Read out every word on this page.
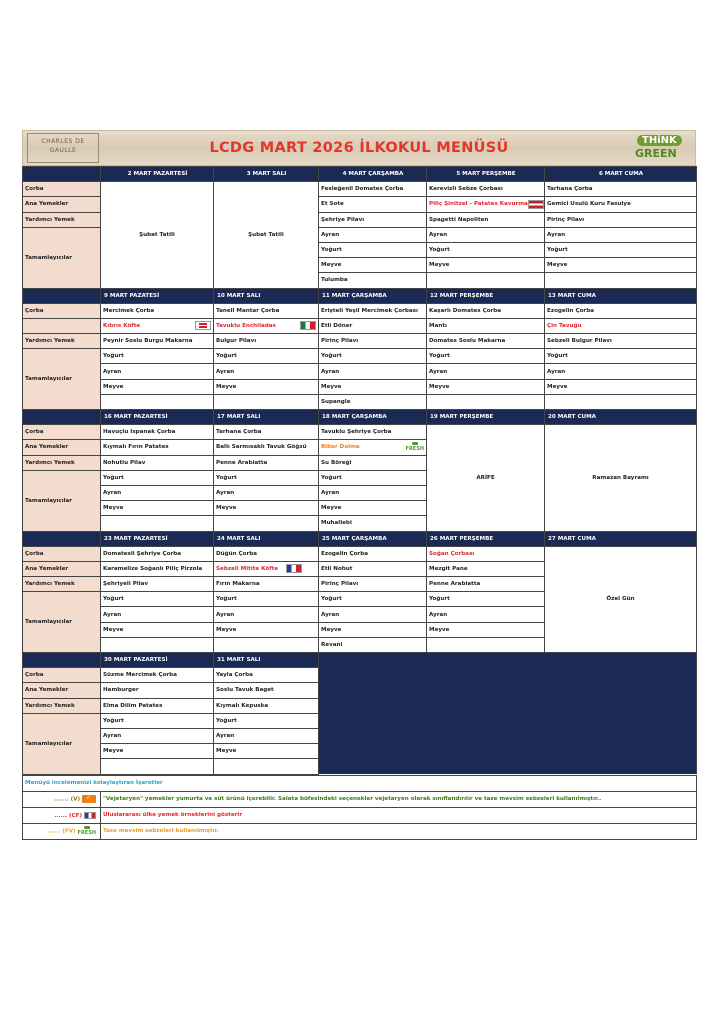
CHARLES DE GAULLE	LCDG MART 2026 İLKOKUL MENÜSÜ	THiNK
GREEN
	2 MART PAZARTESİ	3 MART SALI	4 MART ÇARŞAMBA	5 MART PERŞEMBE	6 MART CUMA
Çorba	Şubat Tatili	Şubat Tatili	Fesleğenli Domates Çorba	Kerevizli Sebze Çorbası	Tarhana Çorba
Ana Yemekler			Et Sote	Piliç Şinitzel - Patates Kavurma	Gemici Usulü Kuru Fasulye
Yardımcı Yemek			Şehriye Pilavı	Spagetti Napoliten	Pirinç Pilavı
Tamamlayıcılar			Ayran	Ayran	Ayran
			Yoğurt	Yoğurt	Yoğurt
			Meyve	Meyve	Meyve
			Tulumba		
	9 MART PAZATESİ	10 MART SALI	11 MART ÇARŞAMBA	12 MART PERŞEMBE	13 MART CUMA
Çorba	Mercimek Çorba	Tanell Mantar Çorba	Erişteli Yeşil Mercimek Çorbası	Kaşarlı Domates Çorba	Ezogelin Çorba

	Kıbrıs Köfte	Tavuklu Enchiladas	Etli Döner	Mantı	Çin Tavuğu

Yardımcı Yemek	Peynir Soslu Burgu Makarna	Bulgur Pilavı	Pirinç Pilavı	Domates Soslu Makarna	Sebzeli Bulgur Pilavı
Tamamlayıcılar	Yoğurt	Yoğurt	Yoğurt	Yoğurt	Yoğurt
	Ayran	Ayran	Ayran	Ayran	Ayran
	Meyve	Meyve	Meyve	Meyve	Meyve
			Supangle		
	16 MART PAZARTESİ	17 MART SALI	18 MART ÇARŞAMBA	19 MART PERŞEMBE	20 MART CUMA
Çorba	Havuçlu Ispanak Çorba	Tarhana Çorba	Tavuklu Şehriye Çorba	ARİFE	Ramazan Bayramı
Ana Yemekler	Kıymalı Fırın Patates	Ballı Sarmısaklı Tavuk Göğsü	Biber Dolma FRESH		

Yardımcı Yemek	Nohutlu Pilav	Penne Arabiatta	Su Böreği		
Tamamlayıcılar	Yoğurt	Yoğurt	Yoğurt		
	Ayran	Ayran	Ayran		
	Meyve	Meyve	Meyve		
			Muhallebi		
	23 MART PAZARTESİ	24 MART SALI	25 MART ÇARŞAMBA	26 MART PERŞEMBE	27 MART CUMA
Çorba	Domatesli Şehriye Çorba	Düğün Çorba	Ezogelin Çorba	Soğan Çorbası	Özel Gün
Ana Yemekler	Karamelize Soğanlı Piliç Pirzola	Sebzeli Mitite Köfte	Etli Nohut	Mezgit Pane	
Yardımcı Yemek	Şehriyeli Pilav	Fırın Makarna	Pirinç Pilavı	Penne Arabiatta	
Tamamlayıcılar	Yoğurt	Yoğurt	Yoğurt	Yoğurt	
	Ayran	Ayran	Ayran	Ayran	
	Meyve	Meyve	Meyve	Meyve	
			Revani		
	30 MART PAZARTESİ	31 MART SALI			
Çorba	Süzme Mercimek Çorba	Yayla Çorba			
Ana Yemekler	Hamburger	Soslu Tavuk Baget			
Yardımcı Yemek	Elma Dilim Patates	Kıymalı Kepuska			
Tamamlayıcılar	Yoğurt	Yoğurt			
	Ayran	Ayran			
	Meyve	Meyve			

Menüyü incelemenizi kolaylaştıran İşaretler	
....... (V) ✓	"Vejetaryen" yemekler yumurta ve süt ürünü içerebilir. Salata büfesindeki seçenekler vejetaryen olarak sınıflandırılır ve taze mevsim sebzeleri kullanılmıştır..
...... (CF)	Uluslararası ülke yemek örneklerini gösterir
...... (FV) FRESH	Taze mevsim sebzeleri kullanılmıştır.
